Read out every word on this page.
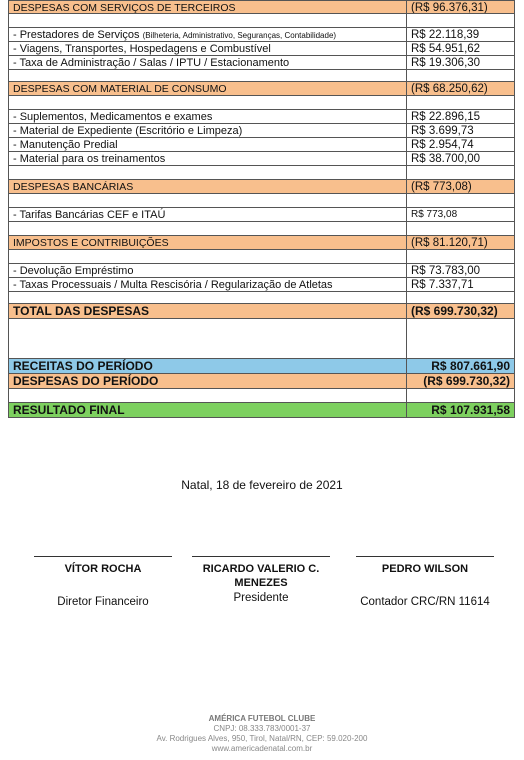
DESPESAS COM SERVIÇOS DE TERCEIROS	(R$ 96.376,31)
- Prestadores de Serviços (Bilheteria, Administrativo, Seguranças, Contabilidade)	R$ 22.118,39
- Viagens, Transportes, Hospedagens e Combustível	R$ 54.951,62
- Taxa de Administração / Salas / IPTU / Estacionamento	R$ 19.306,30
DESPESAS COM MATERIAL DE CONSUMO	(R$ 68.250,62)
- Suplementos, Medicamentos e exames	R$ 22.896,15
- Material de Expediente (Escritório e Limpeza)	R$ 3.699,73
- Manutenção Predial	R$ 2.954,74
- Material para os treinamentos	R$ 38.700,00
DESPESAS BANCÁRIAS	(R$ 773,08)
- Tarifas Bancárias CEF e ITAÚ	R$ 773,08
IMPOSTOS E CONTRIBUIÇÕES	(R$ 81.120,71)
- Devolução Empréstimo	R$ 73.783,00
- Taxas Processuais / Multa Rescisória / Regularização de Atletas	R$ 7.337,71
TOTAL DAS DESPESAS	(R$ 699.730,32)
RECEITAS DO PERÍODO	R$ 807.661,90
DESPESAS DO PERÍODO	(R$ 699.730,32)
RESULTADO FINAL	R$ 107.931,58
Natal, 18 de fevereiro de 2021
VÍTOR ROCHA
Diretor Financeiro
RICARDO VALERIO C.
MENEZES
Presidente
PEDRO WILSON
Contador CRC/RN 11614
AMÉRICA FUTEBOL CLUBE
CNPJ: 08.333.783/0001-37
Av. Rodrigues Alves, 950, Tirol, Natal/RN, CEP: 59.020-200
www.americadenatal.com.br
